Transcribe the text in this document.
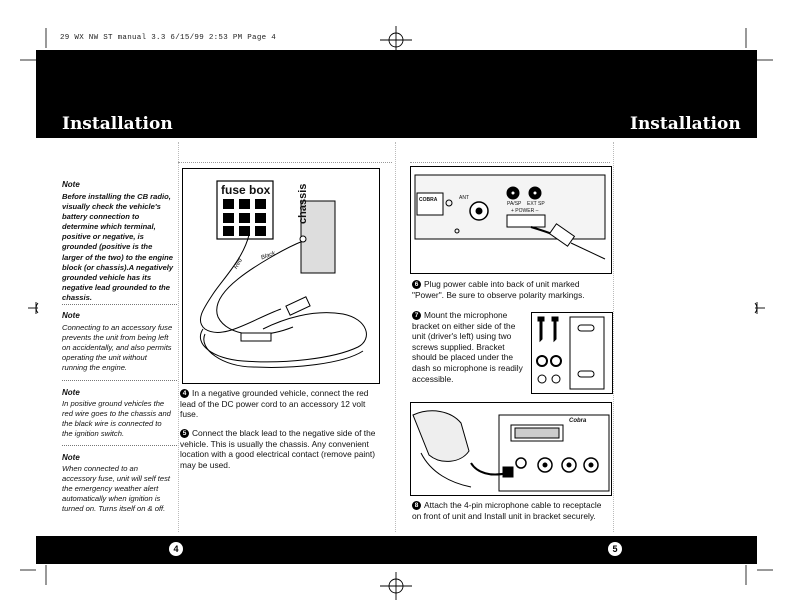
29 WX NW ST manual 3.3 6/15/99 2:53 PM Page 4
Installation	Installation
Note
Before installing the CB radio, visually check the vehicle's battery connection to determine which terminal, positive or negative, is grounded (positive is the larger of the two) to the engine block (or chassis).A negatively grounded vehicle has its negative lead grounded to the chassis.
Note
Connecting to an accessory fuse prevents the unit from being left on accidentally, and also permits operating the unit without running the engine.
Note
In positive ground vehicles the red wire goes to the chassis and the black wire is connected to the ignition switch.
Note
When connected to an accessory fuse, unit will self test the emergency weather alert automatically when ignition is turned on. Turns itself on & off.
fuse box chassis
Red
Black
4 In a negative grounded vehicle, connect the red lead of the DC power cord to an accessory 12 volt fuse.
5 Connect the black lead to the negative side of the vehicle. This is usually the chassis. Any convenient location with a good electrical contact (remove paint) may be used.
COBRA	ANT
PA/SP EXT SP
+ POWER –
6 Plug power cable into back of unit marked "Power". Be sure to observe polarity markings.
7 Mount the microphone bracket on either side of the unit (driver's left) using two screws supplied. Bracket should be placed under the dash so microphone is readily accessible.
Cobra
8 Attach the 4-pin microphone cable to receptacle on front of unit and Install unit in bracket securely.
4	5
